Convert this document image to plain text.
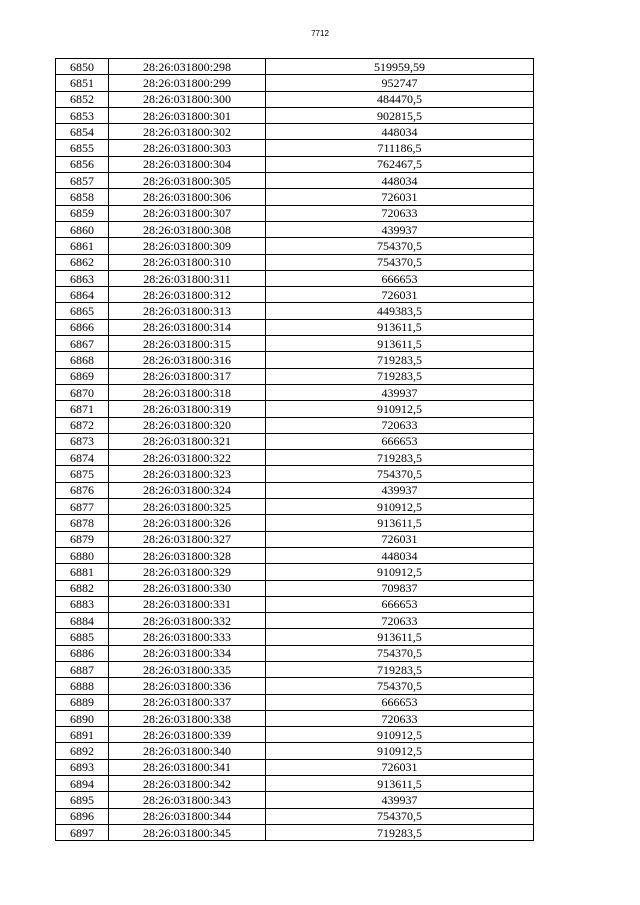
7712
6850	28:26:031800:298	519959,59
6851	28:26:031800:299	952747
6852	28:26:031800:300	484470,5
6853	28:26:031800:301	902815,5
6854	28:26:031800:302	448034
6855	28:26:031800:303	711186,5
6856	28:26:031800:304	762467,5
6857	28:26:031800:305	448034
6858	28:26:031800:306	726031
6859	28:26:031800:307	720633
6860	28:26:031800:308	439937
6861	28:26:031800:309	754370,5
6862	28:26:031800:310	754370,5
6863	28:26:031800:311	666653
6864	28:26:031800:312	726031
6865	28:26:031800:313	449383,5
6866	28:26:031800:314	913611,5
6867	28:26:031800:315	913611,5
6868	28:26:031800:316	719283,5
6869	28:26:031800:317	719283,5
6870	28:26:031800:318	439937
6871	28:26:031800:319	910912,5
6872	28:26:031800:320	720633
6873	28:26:031800:321	666653
6874	28:26:031800:322	719283,5
6875	28:26:031800:323	754370,5
6876	28:26:031800:324	439937
6877	28:26:031800:325	910912,5
6878	28:26:031800:326	913611,5
6879	28:26:031800:327	726031
6880	28:26:031800:328	448034
6881	28:26:031800:329	910912,5
6882	28:26:031800:330	709837
6883	28:26:031800:331	666653
6884	28:26:031800:332	720633
6885	28:26:031800:333	913611,5
6886	28:26:031800:334	754370,5
6887	28:26:031800:335	719283,5
6888	28:26:031800:336	754370,5
6889	28:26:031800:337	666653
6890	28:26:031800:338	720633
6891	28:26:031800:339	910912,5
6892	28:26:031800:340	910912,5
6893	28:26:031800:341	726031
6894	28:26:031800:342	913611,5
6895	28:26:031800:343	439937
6896	28:26:031800:344	754370,5
6897	28:26:031800:345	719283,5
